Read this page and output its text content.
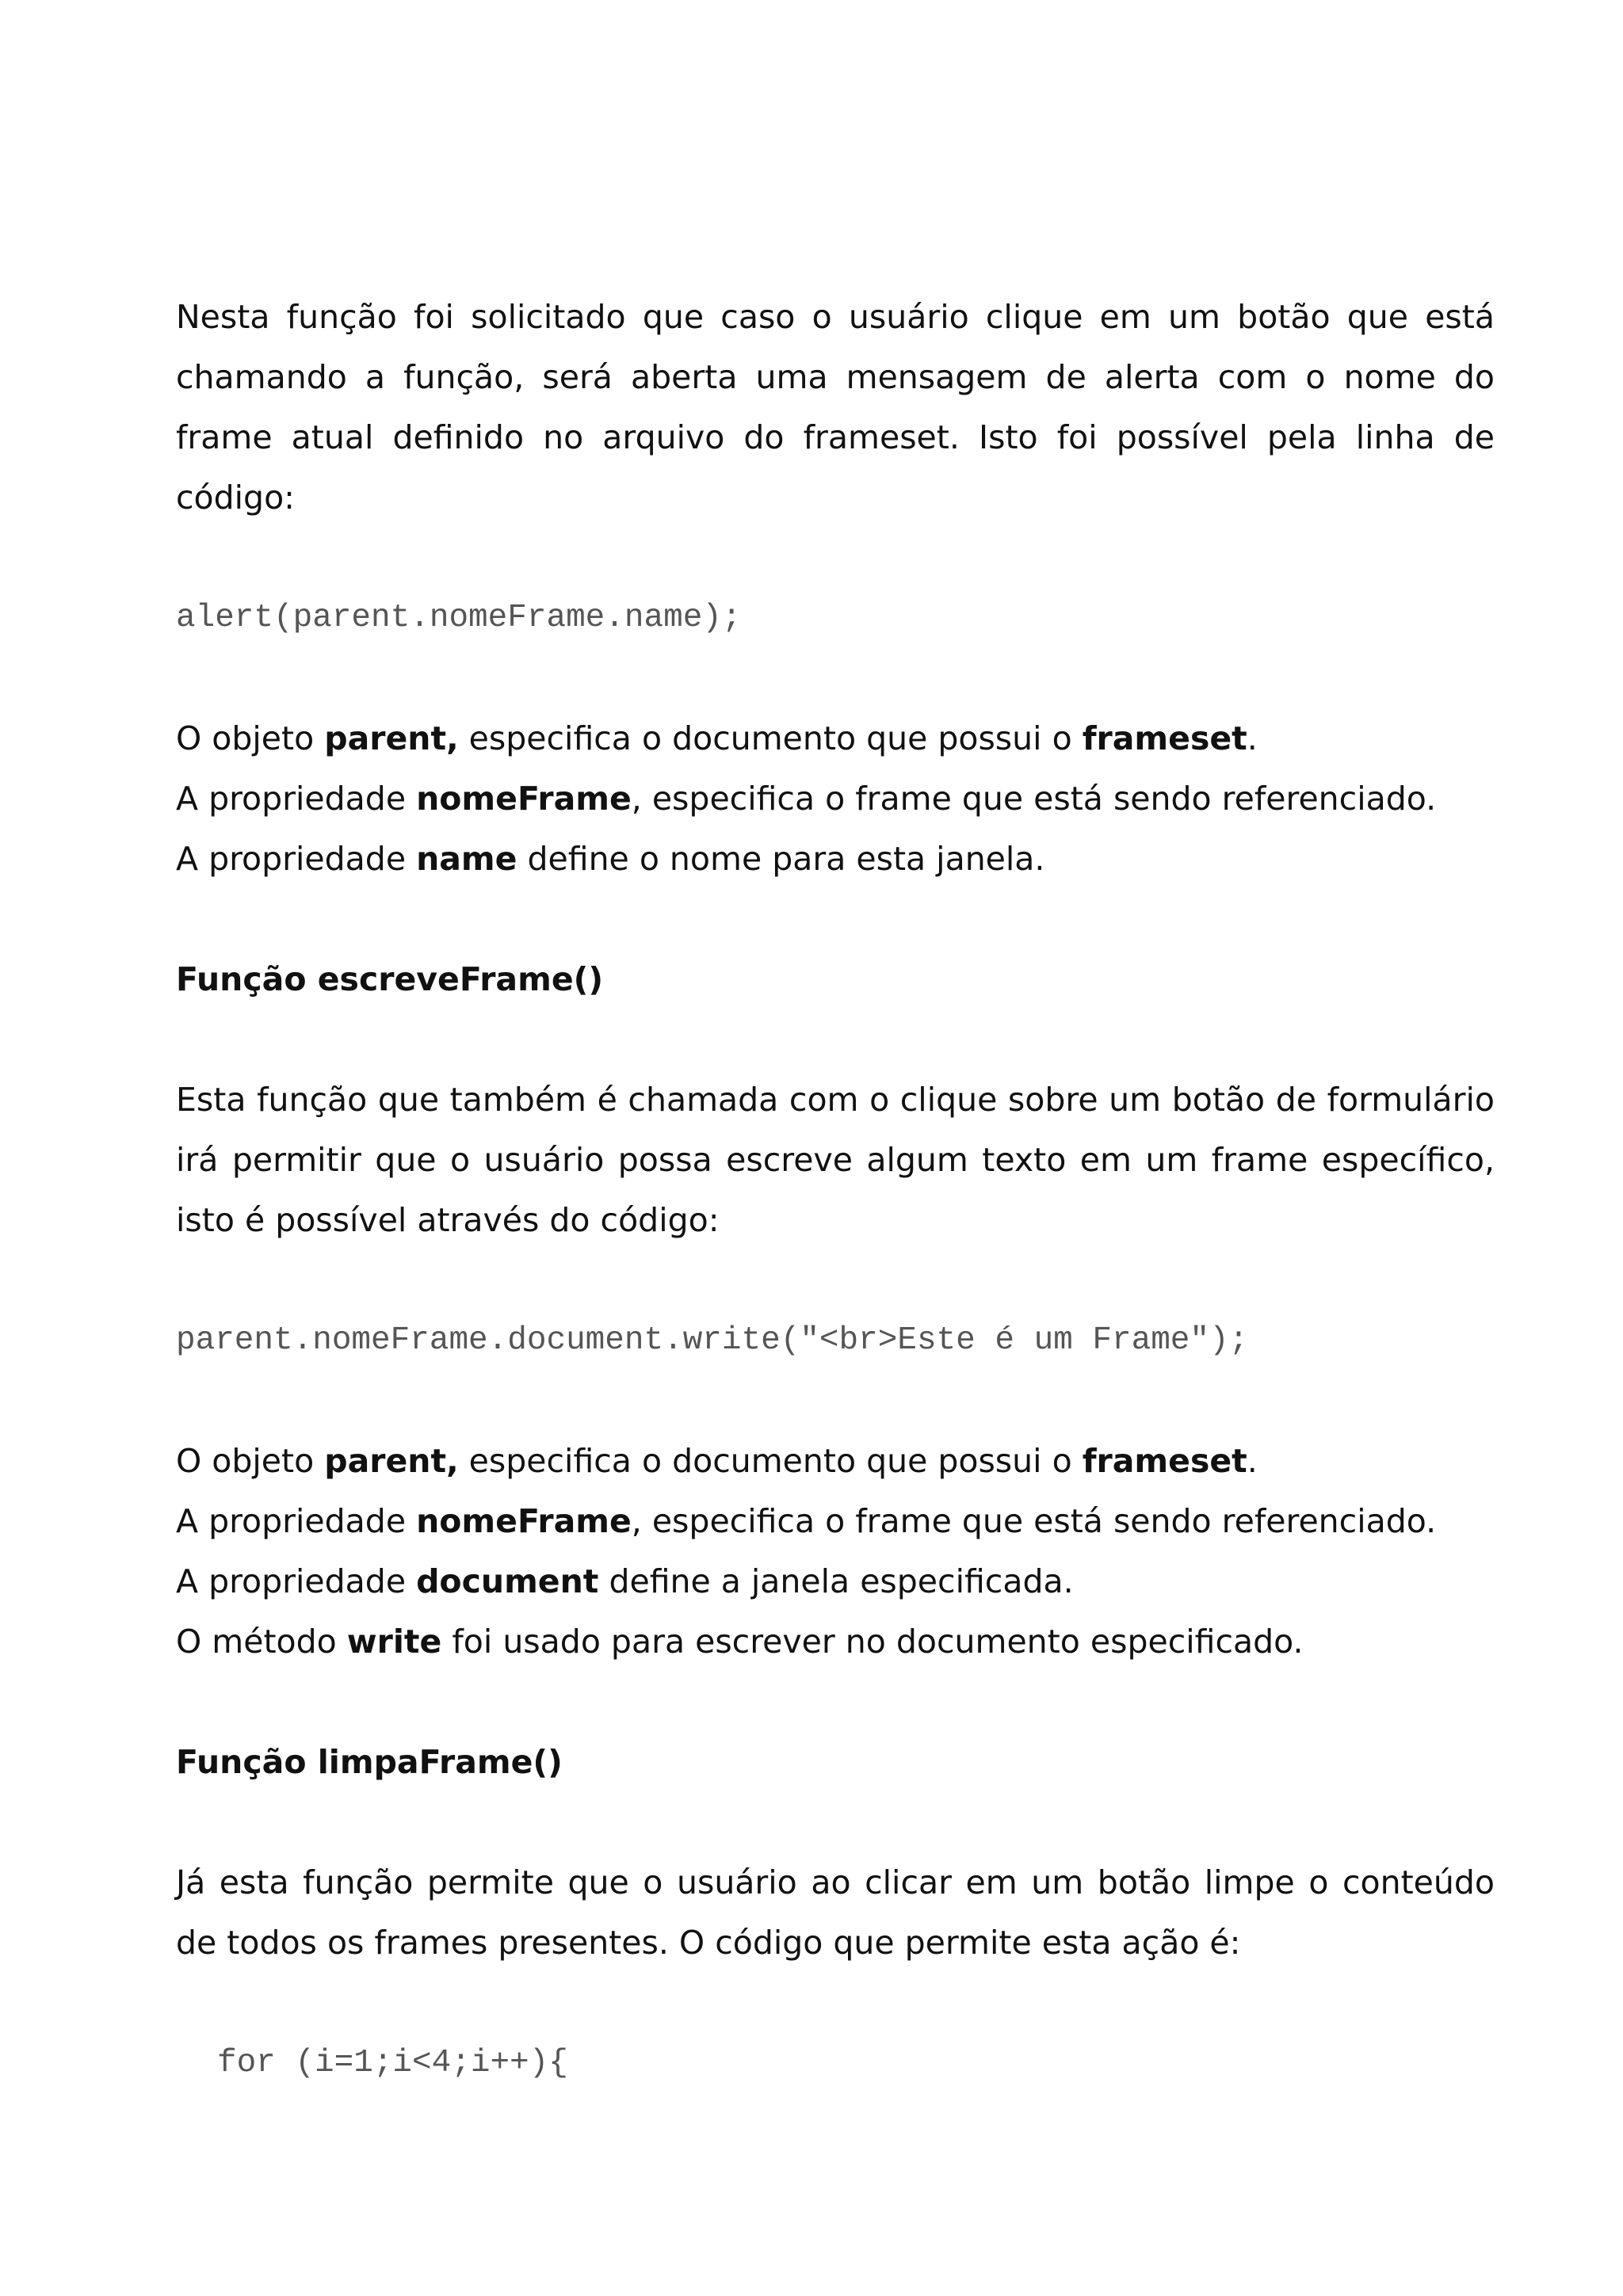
Nesta função foi solicitado que caso o usuário clique em um botão que está chamando a função, será aberta uma mensagem de alerta com o nome do frame atual definido no arquivo do frameset. Isto foi possível pela linha de código:

alert(parent.nomeFrame.name);
O objeto parent, especifica o documento que possui o frameset.
A propriedade nomeFrame, especifica o frame que está sendo referenciado.
A propriedade name define o nome para esta janela.
Função escreveFrame()

Esta função que também é chamada com o clique sobre um botão de formulário irá permitir que o usuário possa escreve algum texto em um frame específico, isto é possível através do código:

parent.nomeFrame.document.write("<br>Este é um Frame");
O objeto parent, especifica o documento que possui o frameset.
A propriedade nomeFrame, especifica o frame que está sendo referenciado.
A propriedade document define a janela especificada.
O método write foi usado para escrever no documento especificado.
Função limpaFrame()

Já esta função permite que o usuário ao clicar em um botão limpe o conteúdo de todos os frames presentes. O código que permite esta ação é:

for (i=1;i<4;i++){
